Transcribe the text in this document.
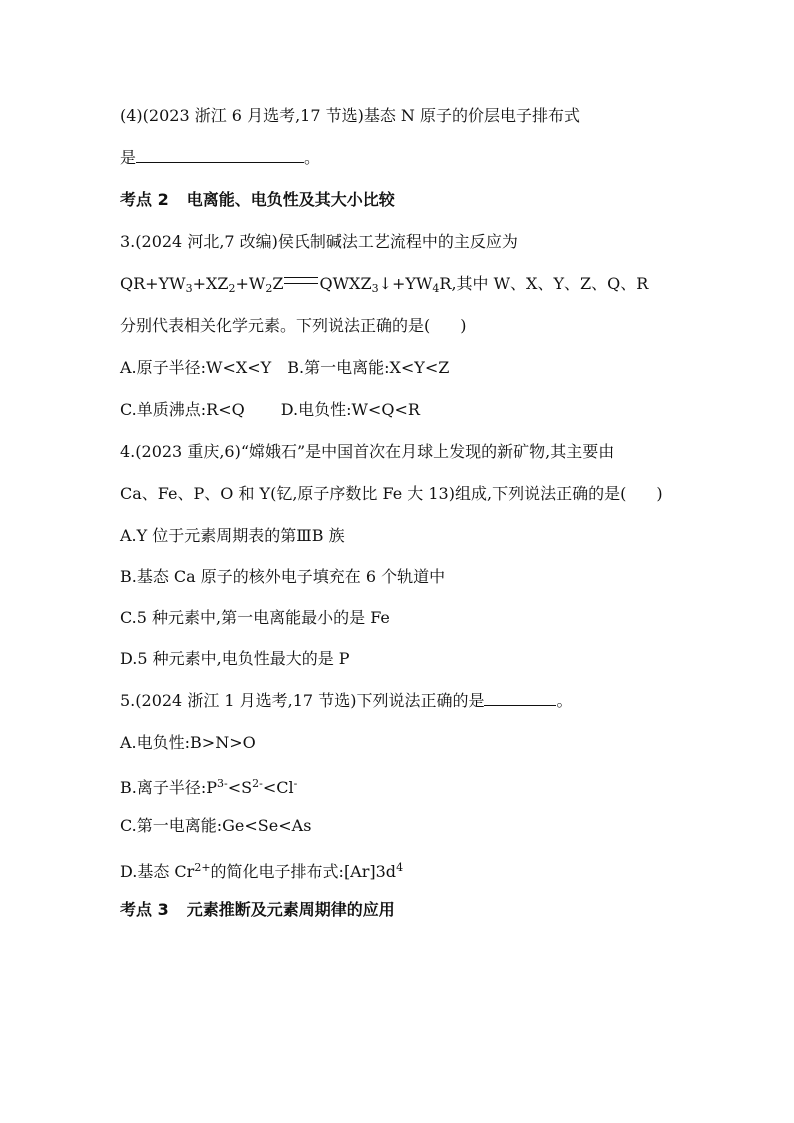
(4)(2023 浙江 6 月选考,17 节选)基态 N 原子的价层电子排布式
是	。
考点 2 电离能、电负性及其大小比较
3.(2024 河北,7 改编)侯氏制碱法工艺流程中的主反应为
$QR+YW_3+XZ_2+W_2Z$ $QWXZ_3↓+YW_4R$,其中 W、X、Y、Z、Q、R
分别代表相关化学元素。下列说法正确的是( )
A.原子半径:W<X<Y B.第一电离能:X<Y<Z
C.单质沸点:R<Q D.电负性:W<Q<R
4.(2023 重庆,6)“嫦娥石”是中国首次在月球上发现的新矿物,其主要由
Ca、Fe、P、O 和 Y(钇,原子序数比 Fe 大 13)组成,下列说法正确的是( )
A.Y 位于元素周期表的第ⅢB 族
B.基态 Ca 原子的核外电子填充在 6 个轨道中
C.5 种元素中,第一电离能最小的是 Fe
D.5 种元素中,电负性最大的是 P
5.(2024 浙江 1 月选考,17 节选)下列说法正确的是	。
A.电负性:B>N>O
B.离子半径$:P^{3-}<S^{2-}<Cl^-$
C.第一电离能:Ge<Se<As
D.基态 $Cr^{2+}$的简化电子排布式$:[Ar]3d^4$
考点 3 元素推断及元素周期律的应用
